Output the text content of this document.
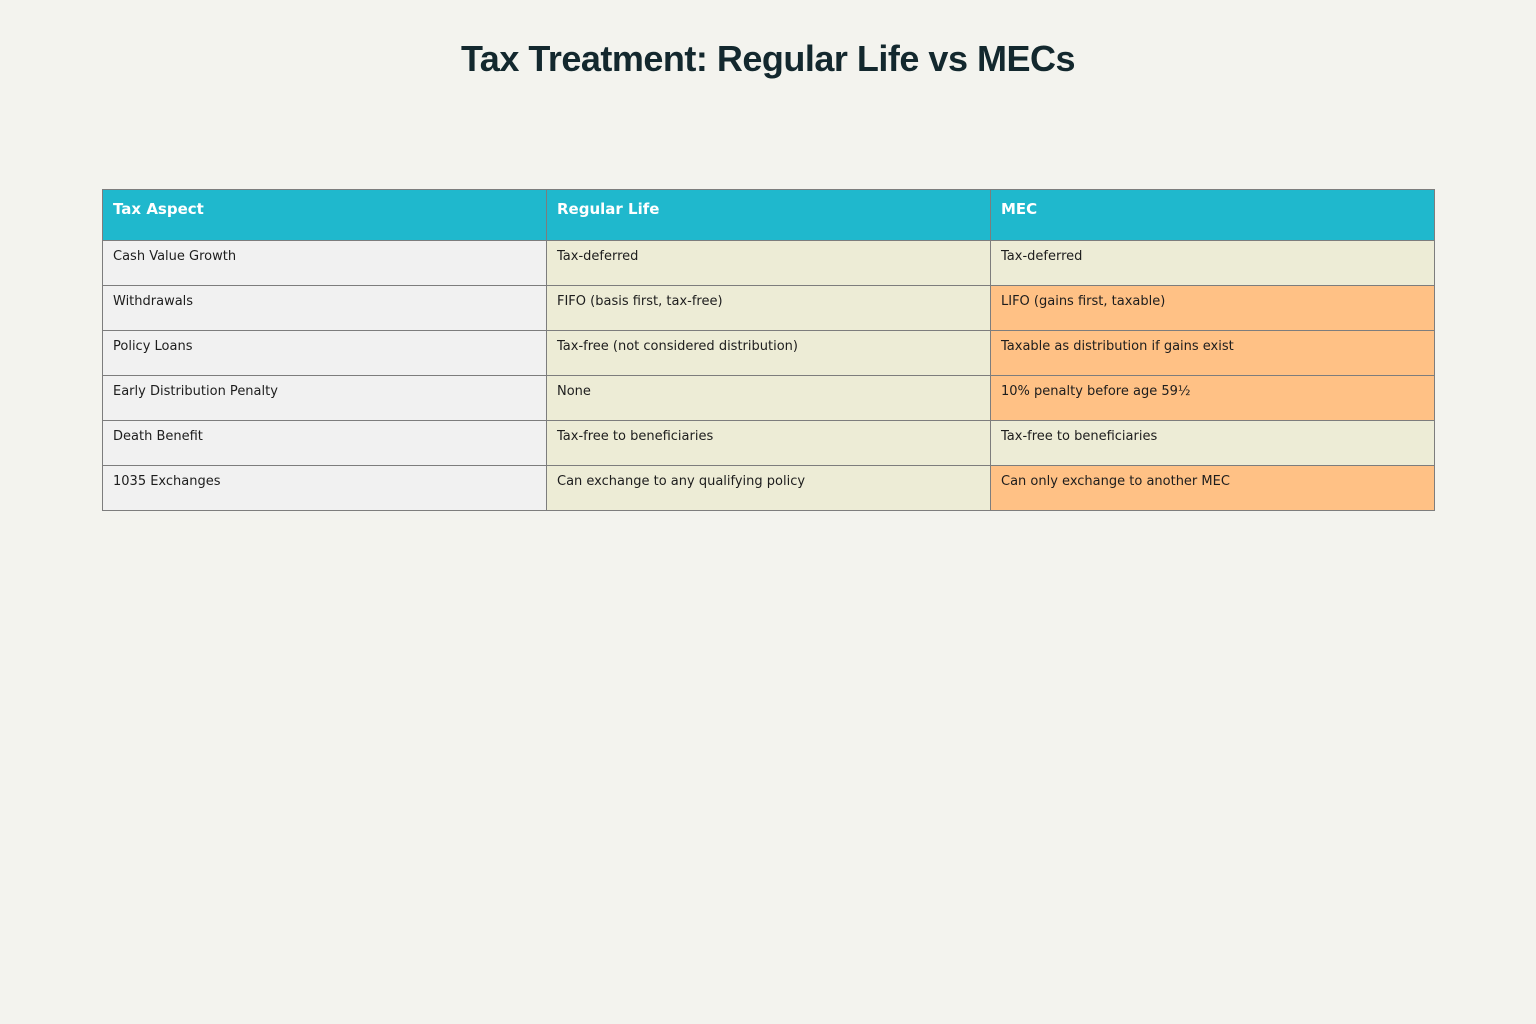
Tax Treatment: Regular Life vs MECs
Tax Aspect	Regular Life	MEC
Cash Value Growth	Tax-deferred	Tax-deferred
Withdrawals	FIFO (basis first, tax-free)	LIFO (gains first, taxable)
Policy Loans	Tax-free (not considered distribution)	Taxable as distribution if gains exist
Early Distribution Penalty	None	10% penalty before age 59½
Death Benefit	Tax-free to beneficiaries	Tax-free to beneficiaries
1035 Exchanges	Can exchange to any qualifying policy	Can only exchange to another MEC
